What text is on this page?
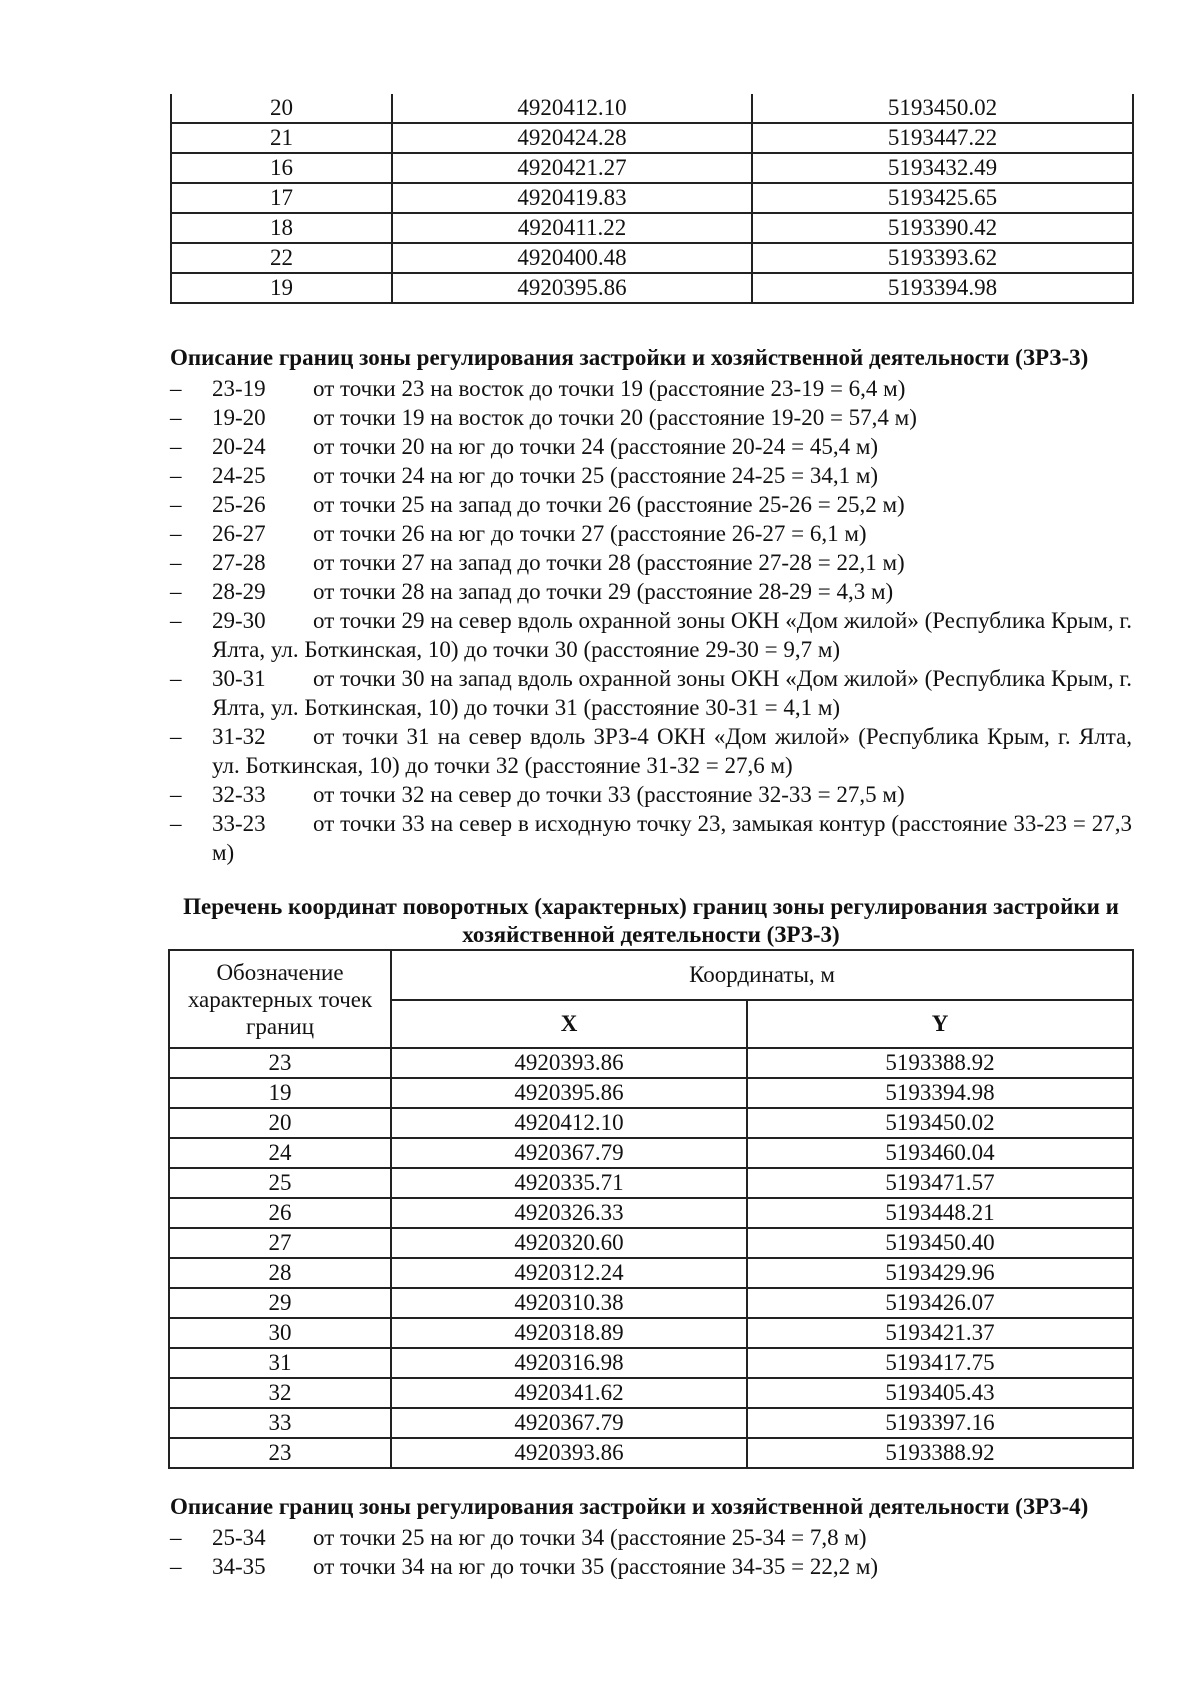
20	4920412.10	5193450.02
21	4920424.28	5193447.22
16	4920421.27	5193432.49
17	4920419.83	5193425.65
18	4920411.22	5193390.42
22	4920400.48	5193393.62
19	4920395.86	5193394.98
Описание границ зоны регулирования застройки и хозяйственной деятельности (ЗРЗ-3)
–	23-19 от точки 23 на восток до точки 19 (расстояние 23-19 = 6,4 м)
–	19-20 от точки 19 на восток до точки 20 (расстояние 19-20 = 57,4 м)
–	20-24 от точки 20 на юг до точки 24 (расстояние 20-24 = 45,4 м)
–	24-25 от точки 24 на юг до точки 25 (расстояние 24-25 = 34,1 м)
–	25-26 от точки 25 на запад до точки 26 (расстояние 25-26 = 25,2 м)
–	26-27 от точки 26 на юг до точки 27 (расстояние 26-27 = 6,1 м)
–	27-28 от точки 27 на запад до точки 28 (расстояние 27-28 = 22,1 м)
–	28-29 от точки 28 на запад до точки 29 (расстояние 28-29 = 4,3 м)
–	29-30 от точки 29 на север вдоль охранной зоны ОКН «Дом жилой» (Республика Крым, г. Ялта, ул. Боткинская, 10) до точки 30 (расстояние 29-30 = 9,7 м)
–	30-31 от точки 30 на запад вдоль охранной зоны ОКН «Дом жилой» (Республика Крым, г. Ялта, ул. Боткинская, 10) до точки 31 (расстояние 30-31 = 4,1 м)
–	31-32 от точки 31 на север вдоль ЗРЗ-4 ОКН «Дом жилой» (Республика Крым, г. Ялта, ул. Боткинская, 10) до точки 32 (расстояние 31-32 = 27,6 м)
–	32-33 от точки 32 на север до точки 33 (расстояние 32-33 = 27,5 м)
–	33-23 от точки 33 на север в исходную точку 23, замыкая контур (расстояние 33-23 = 27,3 м)
Перечень координат поворотных (характерных) границ зоны регулирования застройки и хозяйственной деятельности (ЗРЗ-3)
Обозначение характерных точек границ	Координаты, м	
	X	Y
23	4920393.86	5193388.92
19	4920395.86	5193394.98
20	4920412.10	5193450.02
24	4920367.79	5193460.04
25	4920335.71	5193471.57
26	4920326.33	5193448.21
27	4920320.60	5193450.40
28	4920312.24	5193429.96
29	4920310.38	5193426.07
30	4920318.89	5193421.37
31	4920316.98	5193417.75
32	4920341.62	5193405.43
33	4920367.79	5193397.16
23	4920393.86	5193388.92
Описание границ зоны регулирования застройки и хозяйственной деятельности (ЗРЗ-4)
–	25-34 от точки 25 на юг до точки 34 (расстояние 25-34 = 7,8 м)
–	34-35 от точки 34 на юг до точки 35 (расстояние 34-35 = 22,2 м)
